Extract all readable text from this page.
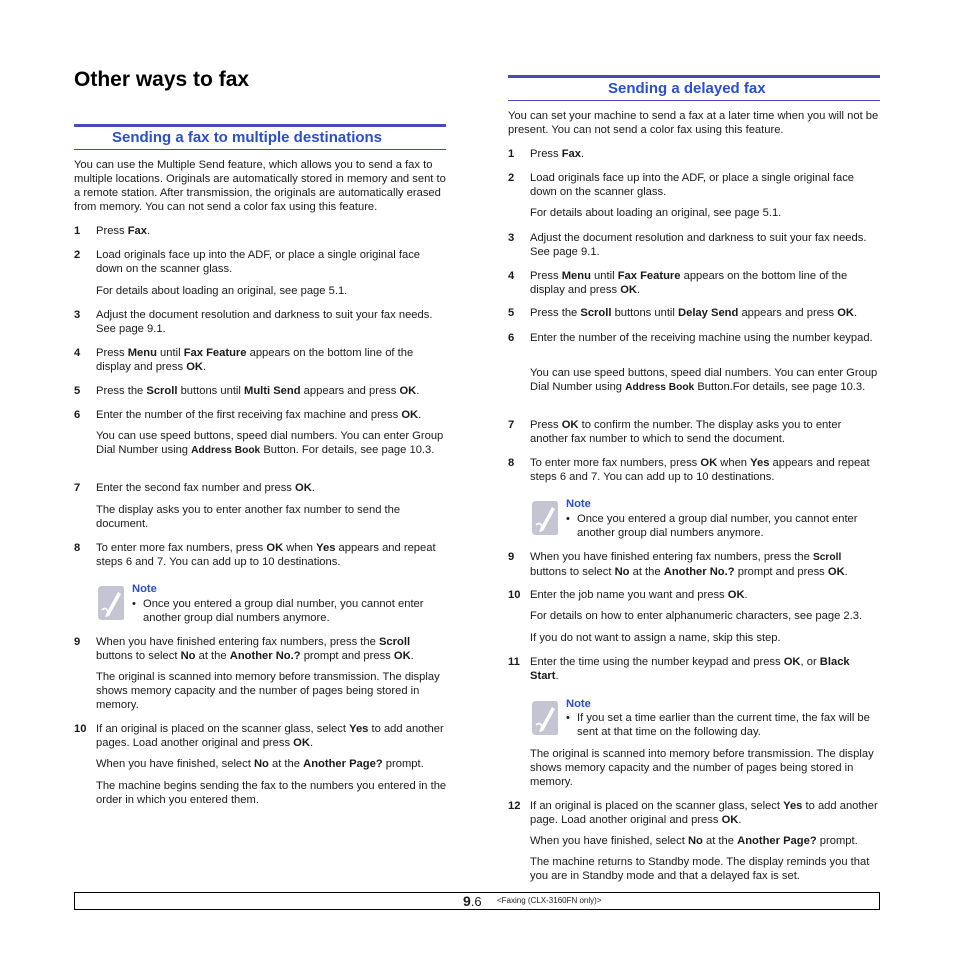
Other ways to fax
Sending a fax to multiple destinations

You can use the Multiple Send feature, which allows you to send a fax to multiple locations. Originals are automatically stored in memory and sent to a remote station. After transmission, the originals are automatically erased from memory. You can not send a color fax using this feature.

1 Press Fax.
2 Load originals face up into the ADF, or place a single original face down on the scanner glass.

For details about loading an original, see page 5.1.

3 Adjust the document resolution and darkness to suit your fax needs. See page 9.1.
4 Press Menu until Fax Feature appears on the bottom line of the display and press OK.
5 Press the Scroll buttons until Multi Send appears and press OK.
6 Enter the number of the first receiving fax machine and press OK.

You can use speed buttons, speed dial numbers. You can enter Group Dial Number using Address Book Button. For details, see page 10.3.

7 Enter the second fax number and press OK.

The display asks you to enter another fax number to send the document.

8 To enter more fax numbers, press OK when Yes appears and repeat steps 6 and 7. You can add up to 10 destinations.
Note
• Once you entered a group dial number, you cannot enter another group dial numbers anymore.
9 When you have finished entering fax numbers, press the Scroll buttons to select No at the Another No.? prompt and press OK.

The original is scanned into memory before transmission. The display shows memory capacity and the number of pages being stored in memory.

10 If an original is placed on the scanner glass, select Yes to add another pages. Load another original and press OK.

When you have finished, select No at the Another Page? prompt.

The machine begins sending the fax to the numbers you entered in the order in which you entered them.

Sending a delayed fax

You can set your machine to send a fax at a later time when you will not be present. You can not send a color fax using this feature.

1 Press Fax.
2 Load originals face up into the ADF, or place a single original face down on the scanner glass.

For details about loading an original, see page 5.1.

3 Adjust the document resolution and darkness to suit your fax needs. See page 9.1.
4 Press Menu until Fax Feature appears on the bottom line of the display and press OK.
5 Press the Scroll buttons until Delay Send appears and press OK.
6 Enter the number of the receiving machine using the number keypad.

You can use speed buttons, speed dial numbers. You can enter Group Dial Number using Address Book Button.For details, see page 10.3.

7 Press OK to confirm the number. The display asks you to enter another fax number to which to send the document.
8 To enter more fax numbers, press OK when Yes appears and repeat steps 6 and 7. You can add up to 10 destinations.
Note
• Once you entered a group dial number, you cannot enter another group dial numbers anymore.
9 When you have finished entering fax numbers, press the Scroll buttons to select No at the Another No.? prompt and press OK.
10 Enter the job name you want and press OK.

For details on how to enter alphanumeric characters, see page 2.3.

If you do not want to assign a name, skip this step.

11 Enter the time using the number keypad and press OK, or Black Start.
Note
• If you set a time earlier than the current time, the fax will be sent at that time on the following day.

The original is scanned into memory before transmission. The display shows memory capacity and the number of pages being stored in memory.

12 If an original is placed on the scanner glass, select Yes to add another page. Load another original and press OK.

When you have finished, select No at the Another Page? prompt.

The machine returns to Standby mode. The display reminds you that you are in Standby mode and that a delayed fax is set.

9.6 <Faxing (CLX-3160FN only)>
